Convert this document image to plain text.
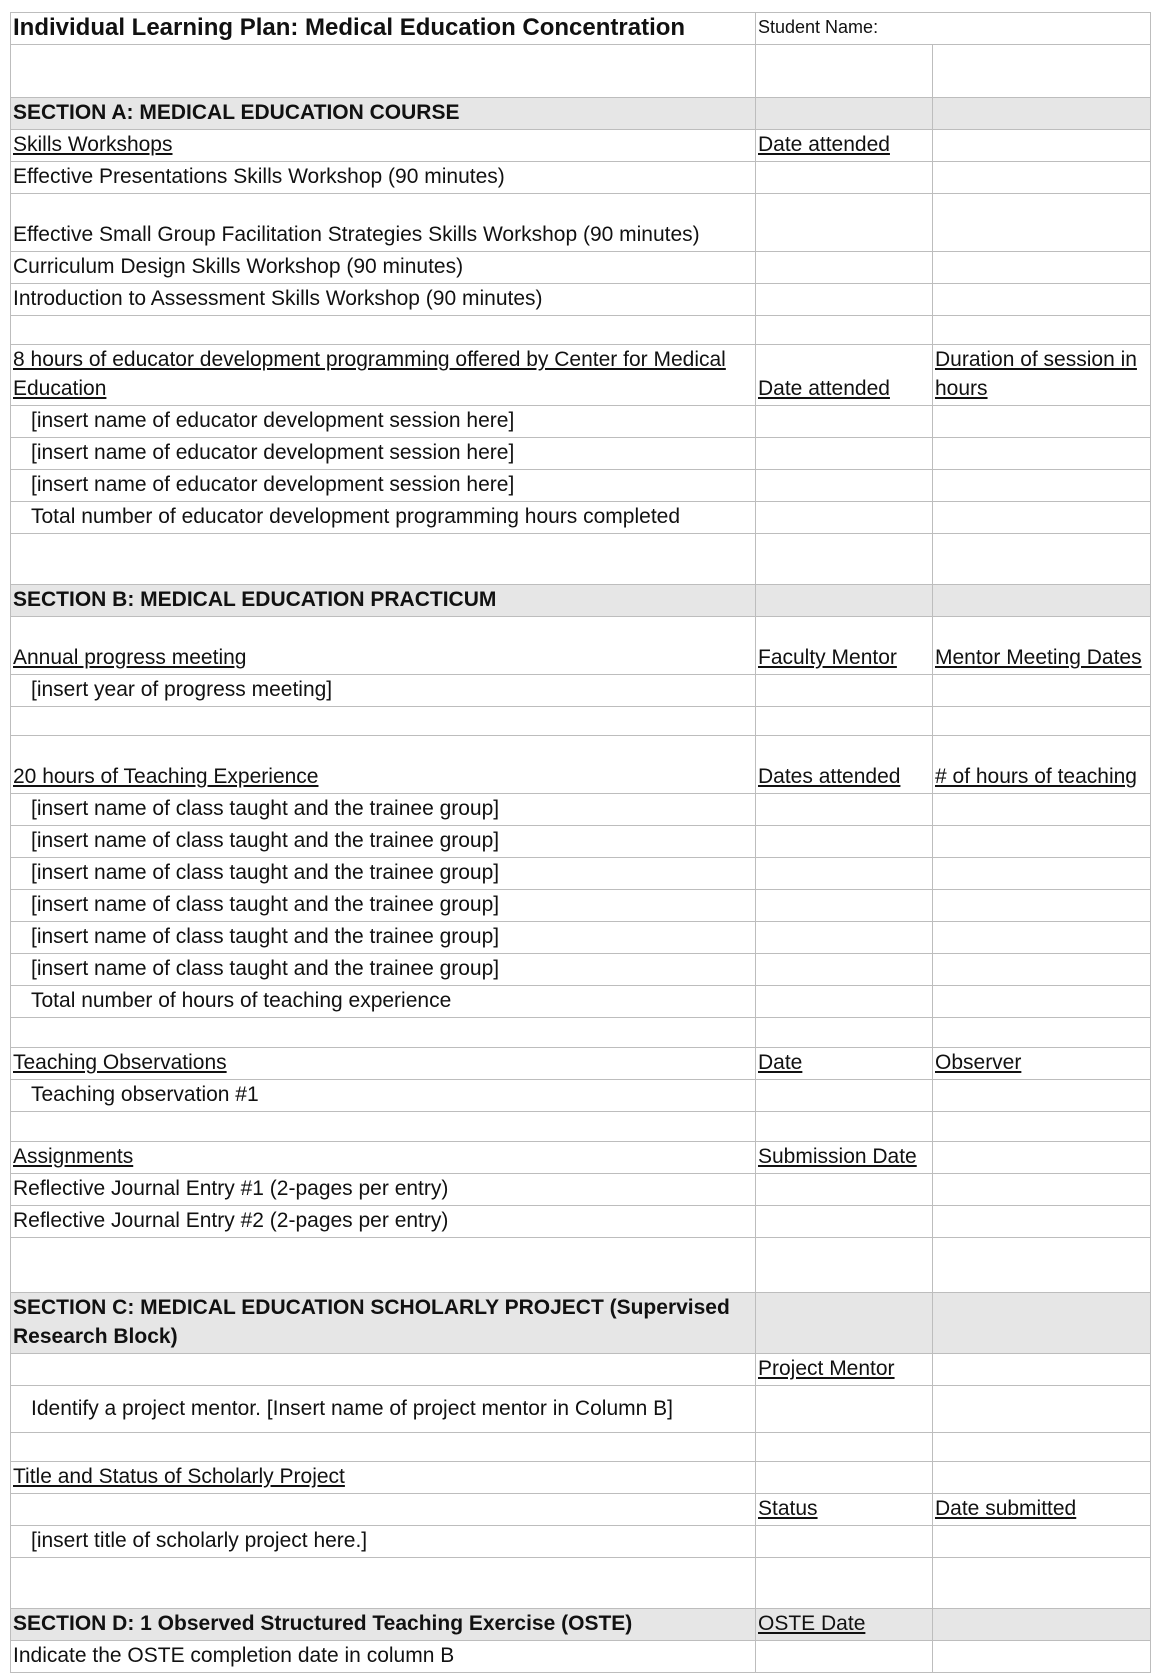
Individual Learning Plan: Medical Education Concentration	Student Name:	

SECTION A: MEDICAL EDUCATION COURSE		
Skills Workshops	Date attended	
Effective Presentations Skills Workshop (90 minutes)		
Effective Small Group Facilitation Strategies Skills Workshop (90 minutes)		
Curriculum Design Skills Workshop (90 minutes)		
Introduction to Assessment Skills Workshop (90 minutes)		

8 hours of educator development programming offered by Center for Medical Education	Date attended	Duration of session in hours
[insert name of educator development session here]		
[insert name of educator development session here]		
[insert name of educator development session here]		
Total number of educator development programming hours completed		

SECTION B: MEDICAL EDUCATION PRACTICUM		
Annual progress meeting	Faculty Mentor	Mentor Meeting Dates
[insert year of progress meeting]		

20 hours of Teaching Experience	Dates attended	# of hours of teaching
[insert name of class taught and the trainee group]		
[insert name of class taught and the trainee group]		
[insert name of class taught and the trainee group]		
[insert name of class taught and the trainee group]		
[insert name of class taught and the trainee group]		
[insert name of class taught and the trainee group]		
Total number of hours of teaching experience		

Teaching Observations	Date	Observer
Teaching observation #1		

Assignments	Submission Date	
Reflective Journal Entry #1 (2-pages per entry)		
Reflective Journal Entry #2 (2-pages per entry)		

SECTION C: MEDICAL EDUCATION SCHOLARLY PROJECT (Supervised Research Block)		
	Project Mentor	
Identify a project mentor. [Insert name of project mentor in Column B]		

Title and Status of Scholarly Project		
	Status	Date submitted
[insert title of scholarly project here.]		

SECTION D: 1 Observed Structured Teaching Exercise (OSTE)	OSTE Date	
Indicate the OSTE completion date in column B		
